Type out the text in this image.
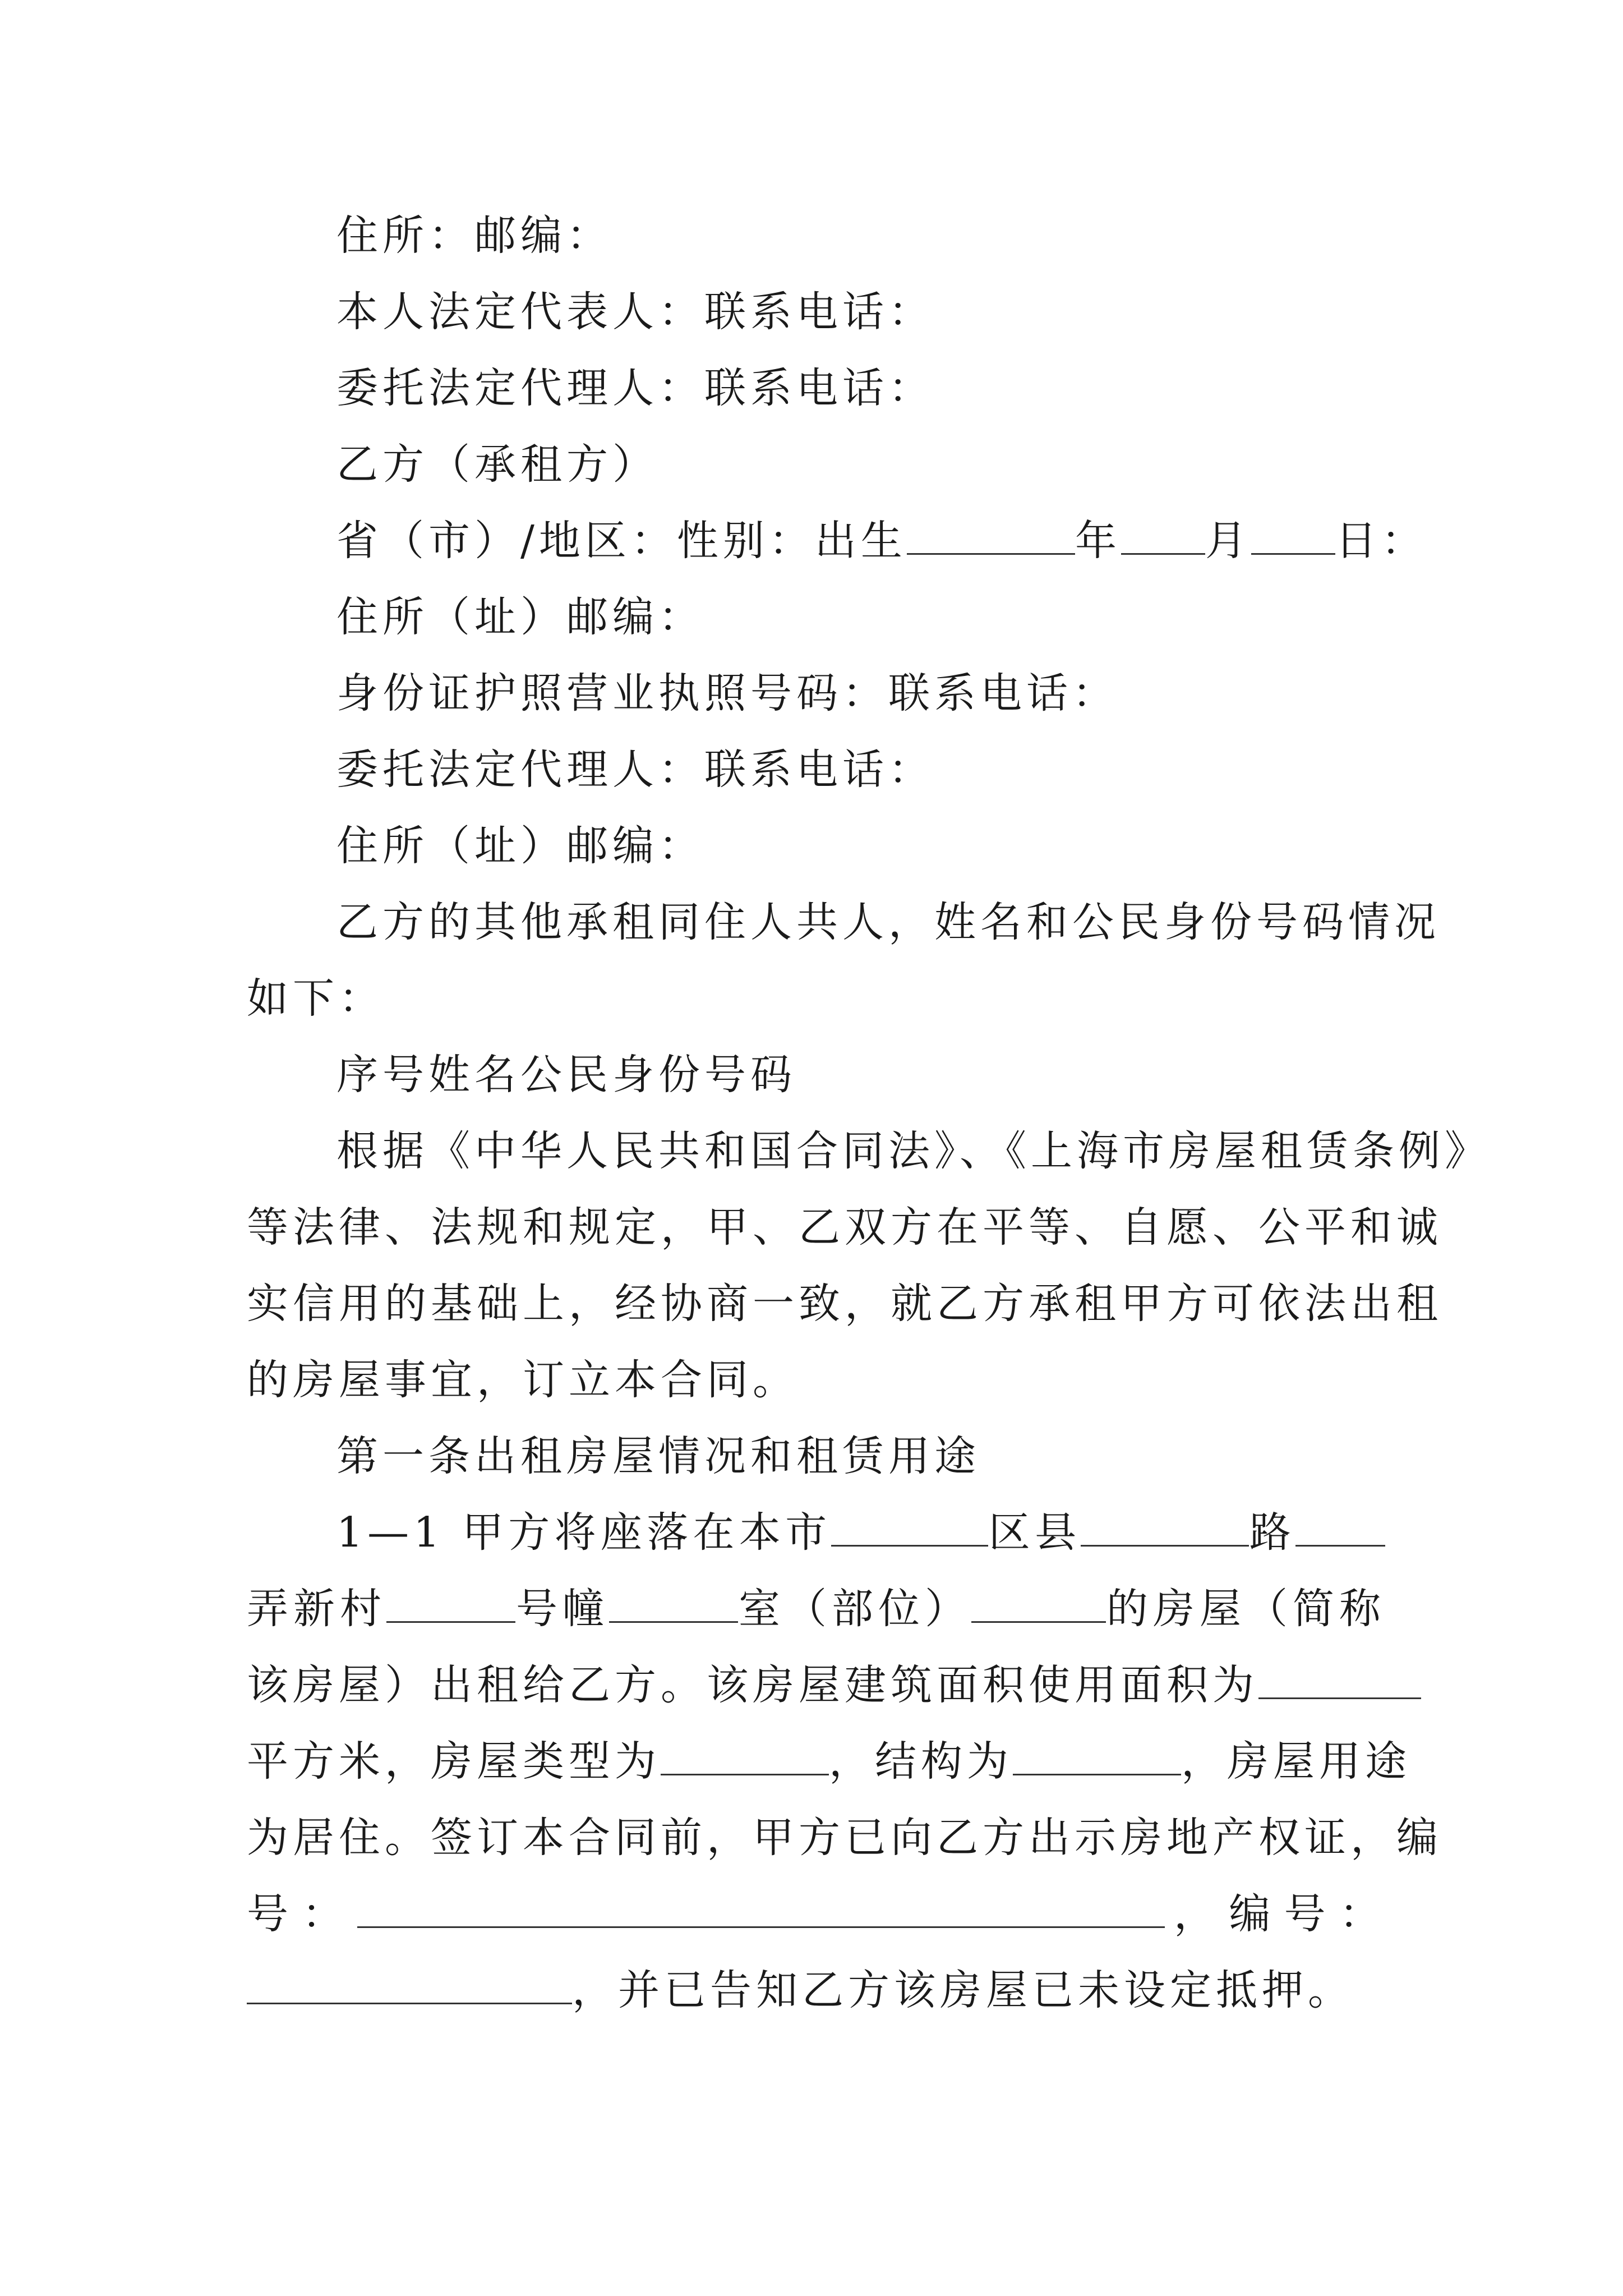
住所：邮编：
本人法定代表人：联系电话：
委托法定代理人：联系电话：
乙方（承租方）
省（市）/地区：性别：出生	年 月 日：
住所（址）邮编：
身份证护照营业执照号码：联系电话：
委托法定代理人：联系电话：
住所（址）邮编：
乙方的其他承租同住人共人，姓名和公民身份号码情况
如下：
序号姓名公民身份号码
根据《中华人民共和国合同法》、《上海市房屋租赁条例》
等法律、法规和规定，甲、乙双方在平等、自愿、公平和诚
实信用的基础上，经协商一致，就乙方承租甲方可依法出租
的房屋事宜，订立本合同。
第一条出租房屋情况和租赁用途
1—1 甲方将座落在本市	区县	路
弄新村	号幢	室（部位）	的房屋（简称
该房屋）出租给乙方。该房屋建筑面积使用面积为
平方米，房屋类型为	，结构为	，房屋用途
为居住。签订本合同前，甲方已向乙方出示房地产权证，编
号：	，编号：
，并已告知乙方该房屋已未设定抵押。
